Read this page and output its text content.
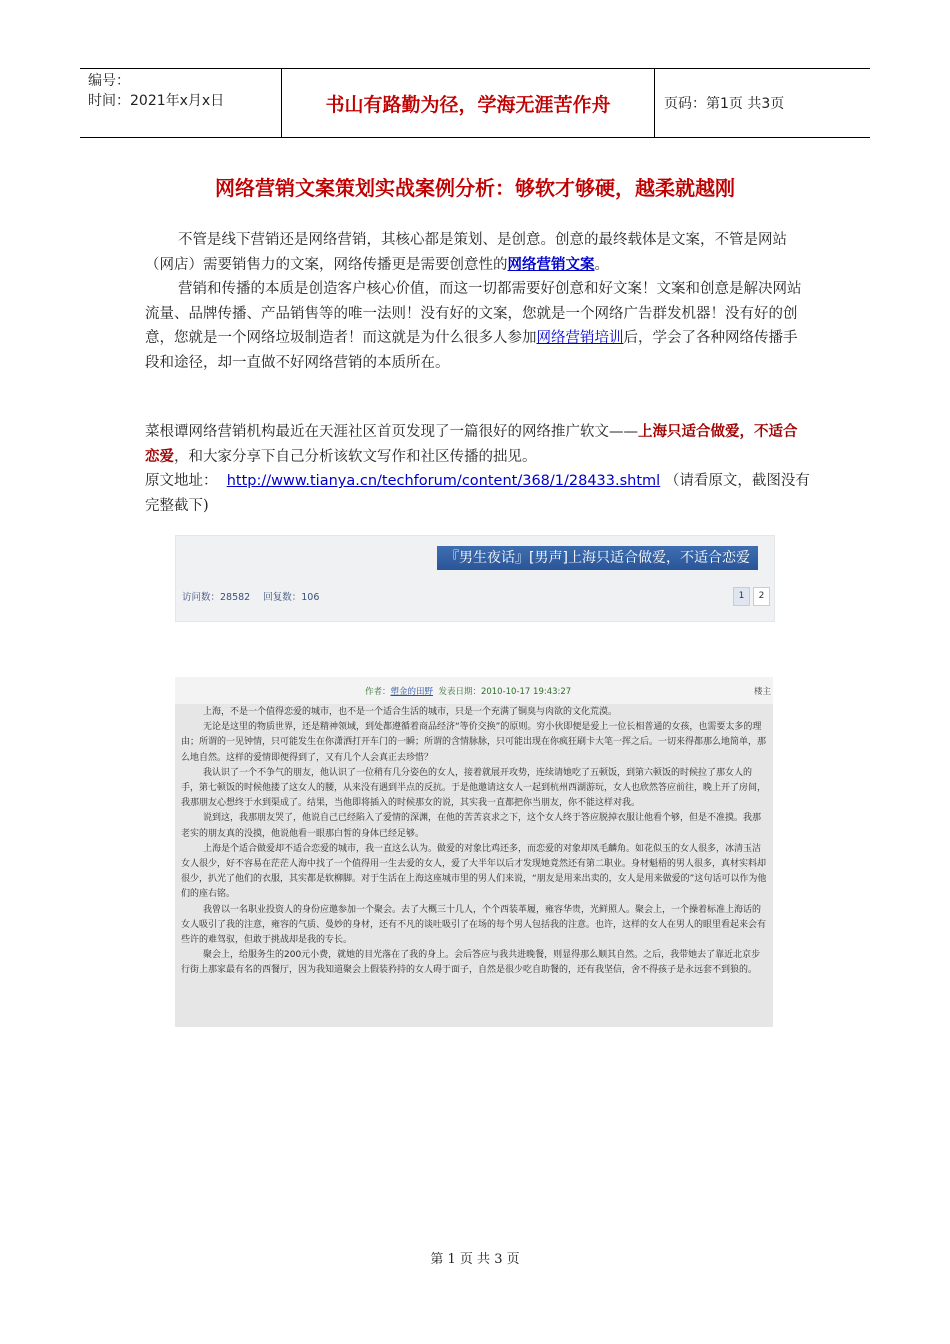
编号：
时间：2021年x月x日	书山有路勤为径，学海无涯苦作舟	页码：第1页 共3页
网络营销文案策划实战案例分析：够软才够硬，越柔就越刚
不管是线下营销还是网络营销，其核心都是策划、是创意。创意的最终载体是文案，不管是网站（网店）需要销售力的文案，网络传播更是需要创意性的网络营销文案。
营销和传播的本质是创造客户核心价值，而这一切都需要好创意和好文案！文案和创意是解决网站流量、品牌传播、产品销售等的唯一法则！没有好的文案，您就是一个网络广告群发机器！没有好的创意，您就是一个网络垃圾制造者！而这就是为什么很多人参加网络营销培训后，学会了各种网络传播手段和途径，却一直做不好网络营销的本质所在。
菜根谭网络营销机构最近在天涯社区首页发现了一篇很好的网络推广软文——上海只适合做爱，不适合恋爱，和大家分享下自己分析该软文写作和社区传播的拙见。
原文地址： http://www.tianya.cn/techforum/content/368/1/28433.shtml （请看原文，截图没有完整截下)
『男生夜话』[男声]上海只适合做爱，不适合恋爱
访问数：28582 回复数：106	1	2
作者：塑金的田野 发表日期：2010-10-17 19:43:27	楼主

上海，不是一个值得恋爱的城市，也不是一个适合生活的城市，只是一个充满了铜臭与肉欲的文化荒漠。

无论是这里的物质世界，还是精神领域，到处都遵循着商品经济“等价交换”的原则。穷小伙即便是爱上一位长相普通的女孩，也需要太多的理由；所谓的一见钟情，只可能发生在你潇洒打开车门的一瞬；所谓的含情脉脉，只可能出现在你疯狂刷卡大笔一挥之后。一切来得都那么地简单，那么地自然。这样的爱情即便得到了，又有几个人会真正去珍惜？

我认识了一个不争气的朋友，他认识了一位稍有几分姿色的女人，接着就展开攻势，连续请她吃了五顿饭，到第六顿饭的时候拉了那女人的手，第七顿饭的时候他搂了这女人的腰，从来没有遇到半点的反抗。于是他邀请这女人一起到杭州西湖游玩，女人也欣然答应前往，晚上开了房间，我那朋友心想终于水到渠成了。结果，当他即将插入的时候那女的说，其实我一直都把你当朋友，你不能这样对我。

说到这，我那朋友哭了，他说自己已经陷入了爱情的深渊，在他的苦苦哀求之下，这个女人终于答应脱掉衣服让他看个够，但是不准摸。我那老实的朋友真的没摸，他说他看一眼那白皙的身体已经足够。

上海是个适合做爱却不适合恋爱的城市，我一直这么认为。做爱的对象比鸡还多，而恋爱的对象却凤毛麟角。如花似玉的女人很多，冰清玉洁女人很少，好不容易在茫茫人海中找了一个值得用一生去爱的女人，爱了大半年以后才发现她竟然还有第二职业。身材魁梧的男人很多，真材实料却很少，扒光了他们的衣服，其实都是软柳脚。对于生活在上海这座城市里的男人们来说，“朋友是用来出卖的，女人是用来做爱的”这句话可以作为他们的座右铭。

我曾以一名职业投资人的身份应邀参加一个聚会。去了大概三十几人，个个西装革履，雍容华贵，光鲜照人。聚会上，一个操着标准上海话的女人吸引了我的注意，雍容的气质、曼妙的身材，还有不凡的谈吐吸引了在场的每个男人包括我的注意。也许，这样的女人在男人的眼里看起来会有些许的难驾驭，但敢于挑战却是我的专长。

聚会上，给服务生的200元小费，就她的目光落在了我的身上。会后答应与我共进晚餐，则显得那么顺其自然。之后，我带她去了靠近北京步行街上那家最有名的西餐厅，因为我知道聚会上假装矜持的女人碍于面子，自然是很少吃自助餐的，还有我坚信，舍不得孩子是永远套不到狼的。

第 1 页 共 3 页
